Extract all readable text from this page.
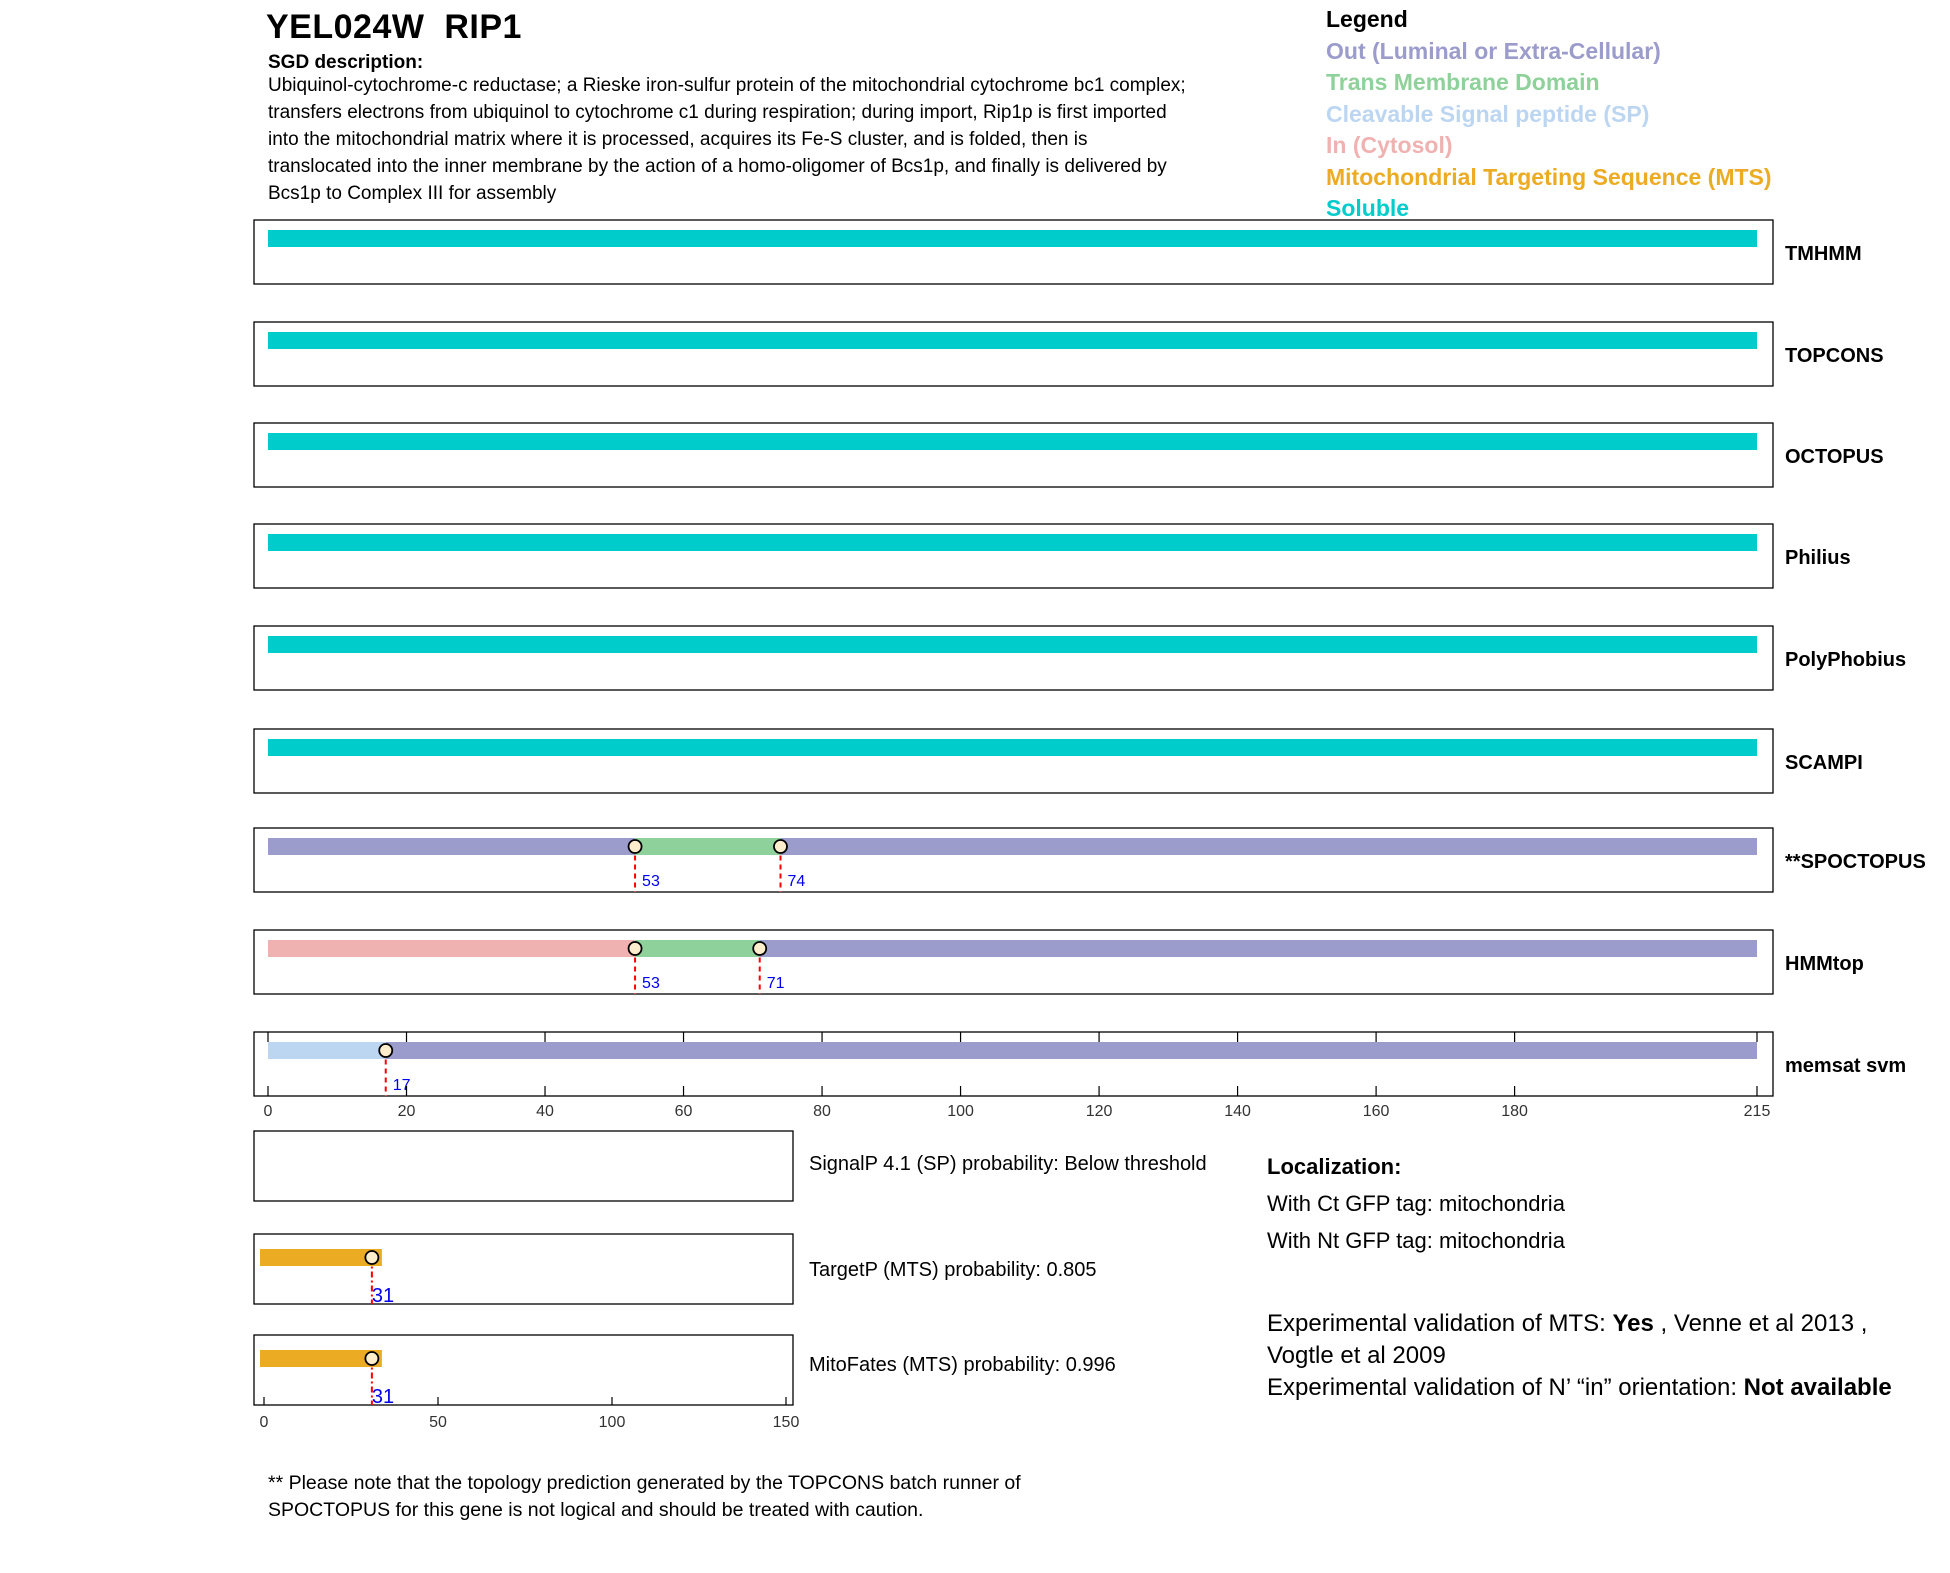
YEL024W  RIP1
SGD description:
Ubiquinol-cytochrome-c reductase; a Rieske iron-sulfur protein of the mitochondrial cytochrome bc1 complex;
transfers electrons from ubiquinol to cytochrome c1 during respiration; during import, Rip1p is first imported
into the mitochondrial matrix where it is processed, acquires its Fe-S cluster, and is folded, then is
translocated into the inner membrane by the action of a homo-oligomer of Bcs1p, and finally is delivered by
Bcs1p to Complex III for assembly
Legend
Out (Luminal or Extra-Cellular)
Trans Membrane Domain
Cleavable Signal peptide (SP)
In (Cytosol)
Mitochondrial Targeting Sequence (MTS)
Soluble
TMHMM
TOPCONS
OCTOPUS
Philius
PolyPhobius
SCAMPI
53	74
**SPOCTOPUS
53	71
HMMtop
17
memsat svm
0	20	40	60	80	100	120	140	160	180	215
31
31
0	50	100	150
SignalP 4.1 (SP) probability: Below threshold
TargetP (MTS) probability: 0.805
MitoFates (MTS) probability: 0.996
Localization:
With Ct GFP tag: mitochondria
With Nt GFP tag: mitochondria
Experimental validation of MTS: Yes , Venne et al 2013 , Vogtle et al 2009
Experimental validation of N’ “in” orientation: Not available
** Please note that the topology prediction generated by the TOPCONS batch runner of
SPOCTOPUS for this gene is not logical and should be treated with caution.
